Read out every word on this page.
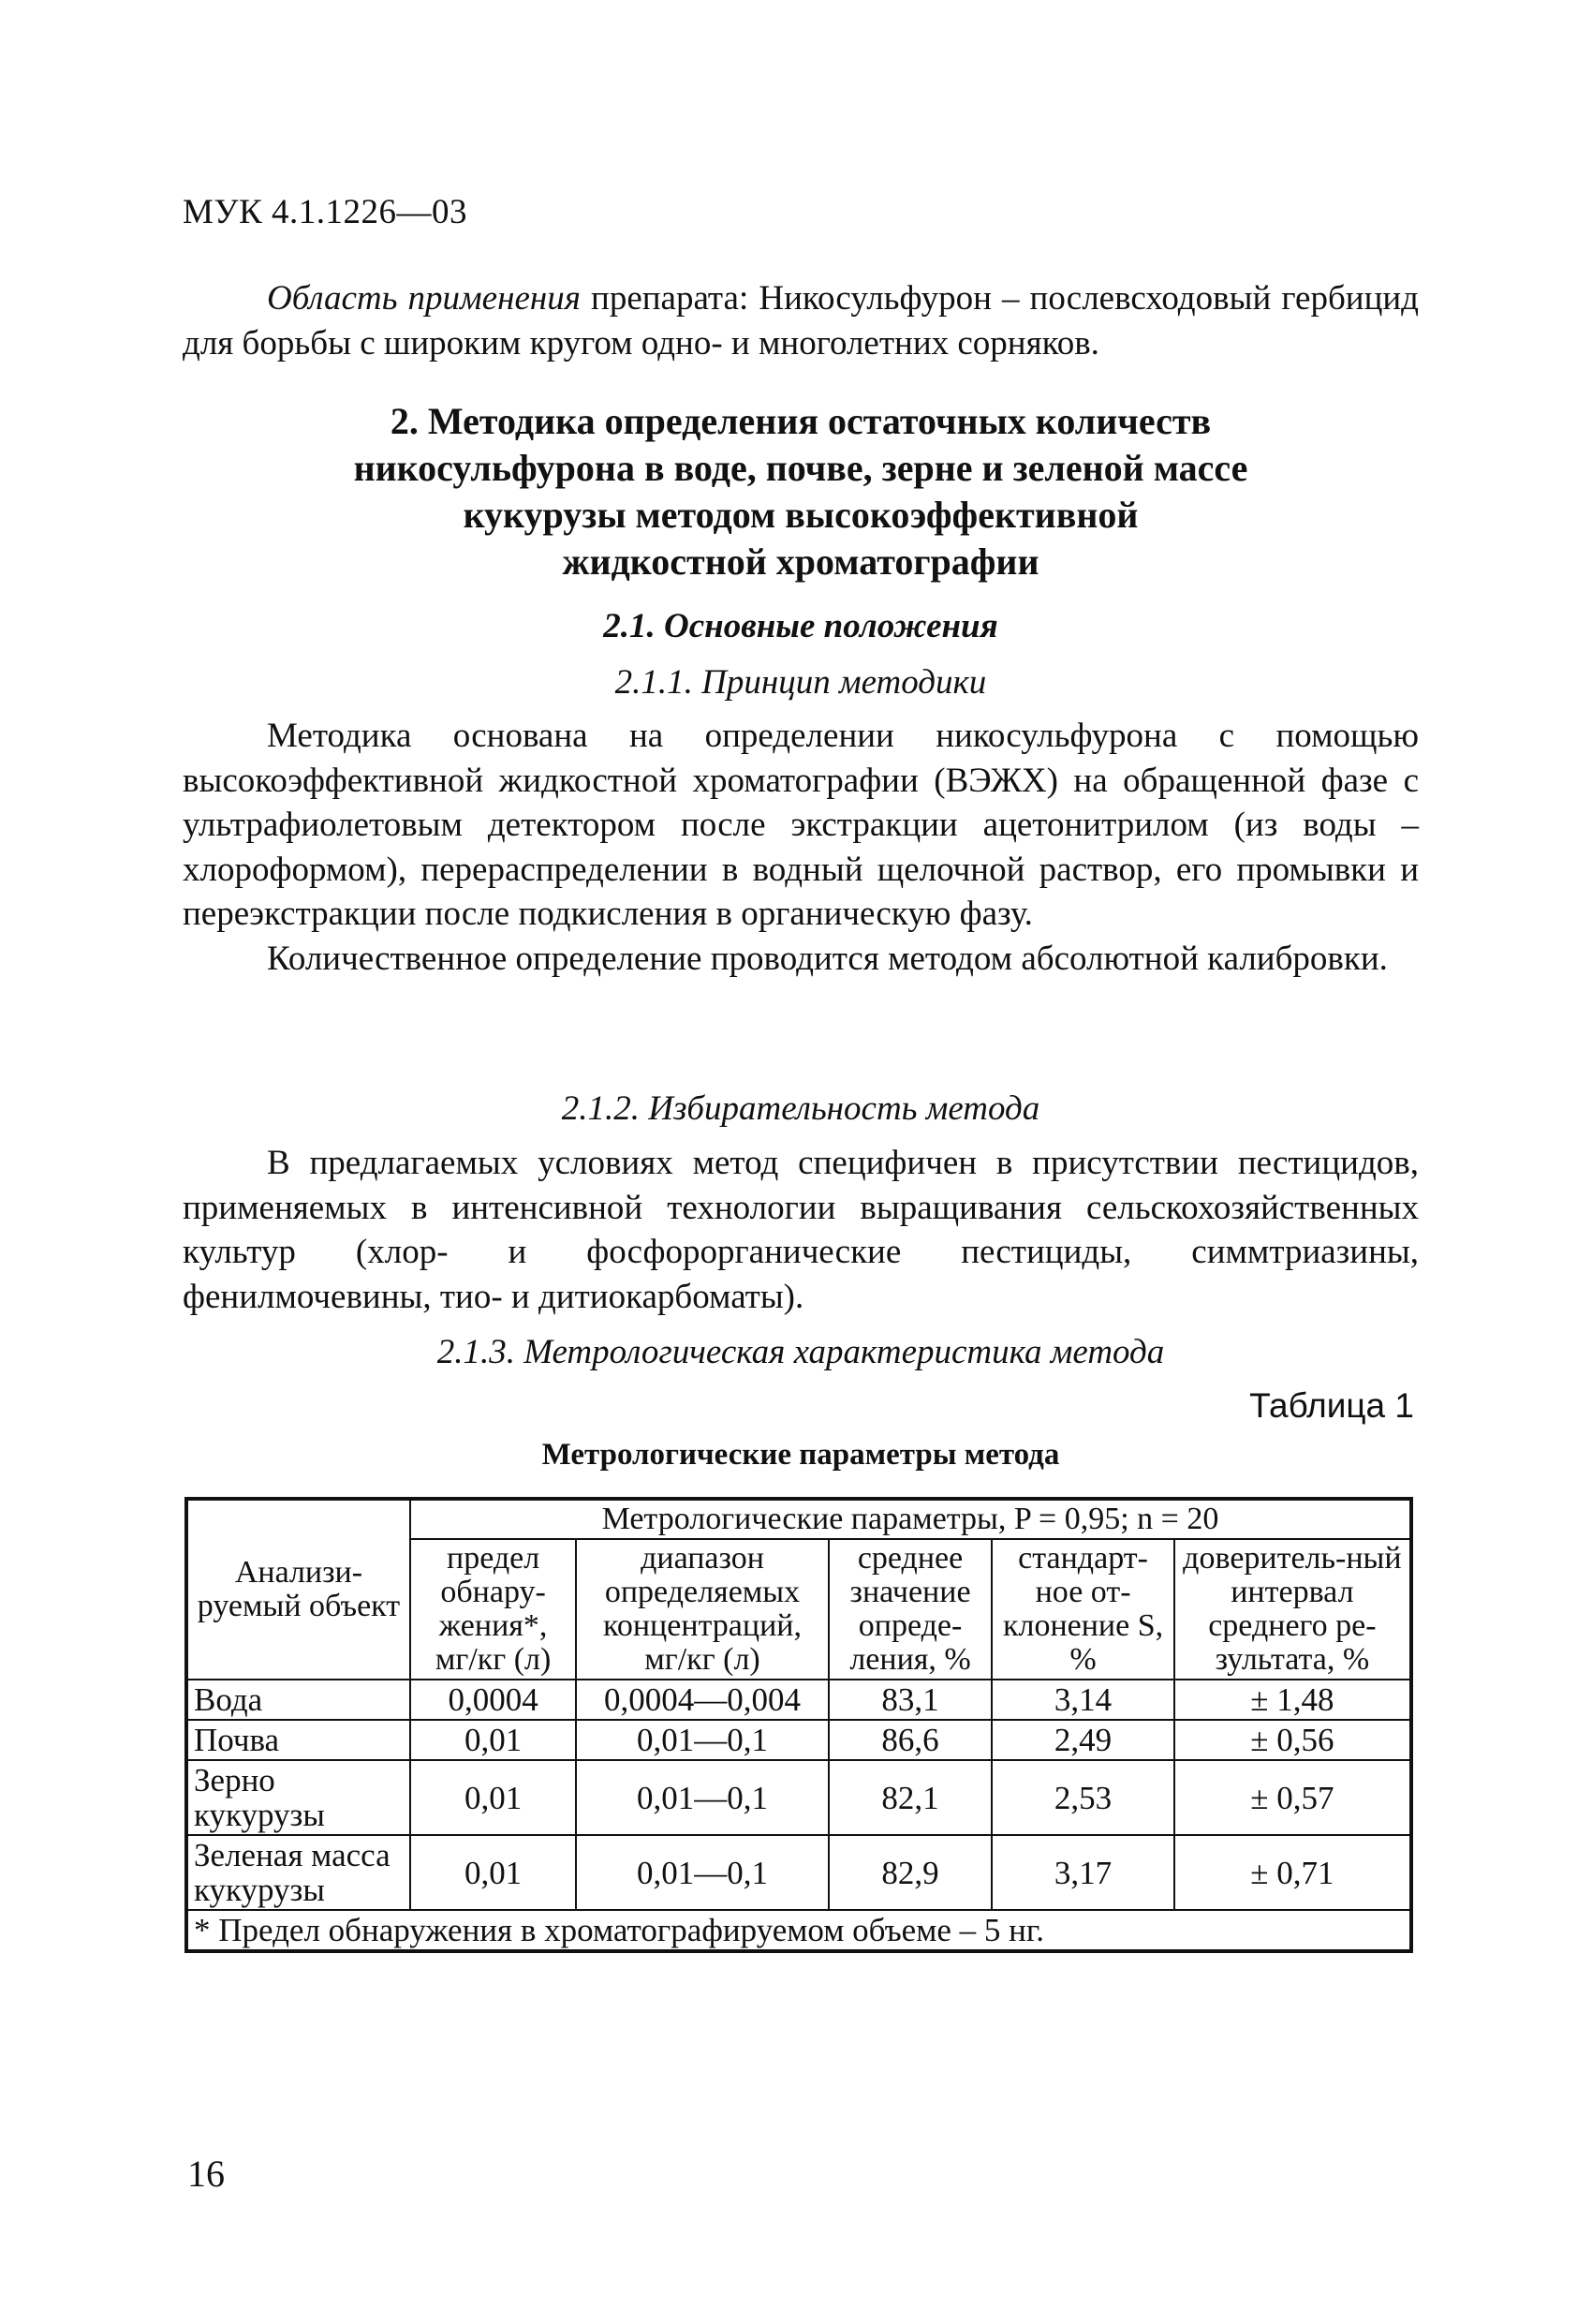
МУК 4.1.1226—03

Область применения препарата: Никосульфурон – послевсходовый гербицид для борьбы с широким кругом одно- и многолетних сорняков.

2. Методика определения остаточных количеств
никосульфурона в воде, почве, зерне и зеленой массе
кукурузы методом высокоэффективной
жидкостной хроматографии
2.1. Основные положения
2.1.1. Принцип методики

Методика основана на определении никосульфурона с помощью высокоэффективной жидкостной хроматографии (ВЭЖХ) на обращенной фазе с ультрафиолетовым детектором после экстракции ацетонитрилом (из воды – хлороформом), перераспределении в водный щелочной раствор, его промывки и переэкстракции после подкисления в органическую фазу.

Количественное определение проводится методом абсолютной калибровки.

2.1.2. Избирательность метода

В предлагаемых условиях метод специфичен в присутствии пестицидов, применяемых в интенсивной технологии выращивания сельскохозяйственных культур (хлор- и фосфорорганические пестициды, симмтриазины, фенилмочевины, тио- и дитиокарбоматы).

2.1.3. Метрологическая характеристика метода
Таблица 1
Метрологические параметры метода
Анализи-руемый объект	Метрологические параметры, P = 0,95; n = 20				
	предел обнару-жения*, мг/кг (л)	диапазон определяемых концентраций, мг/кг (л)	среднее значение опреде-ления, %	стандарт-ное от-клонение S, %	доверитель-ный интервал среднего ре-зультата, %
Вода	0,0004	0,0004—0,004	83,1	3,14	± 1,48
Почва	0,01	0,01—0,1	86,6	2,49	± 0,56
Зерно кукурузы	0,01	0,01—0,1	82,1	2,53	± 0,57
Зеленая масса кукурузы	0,01	0,01—0,1	82,9	3,17	± 0,71
* Предел обнаружения в хроматографируемом объеме – 5 нг.					
16
